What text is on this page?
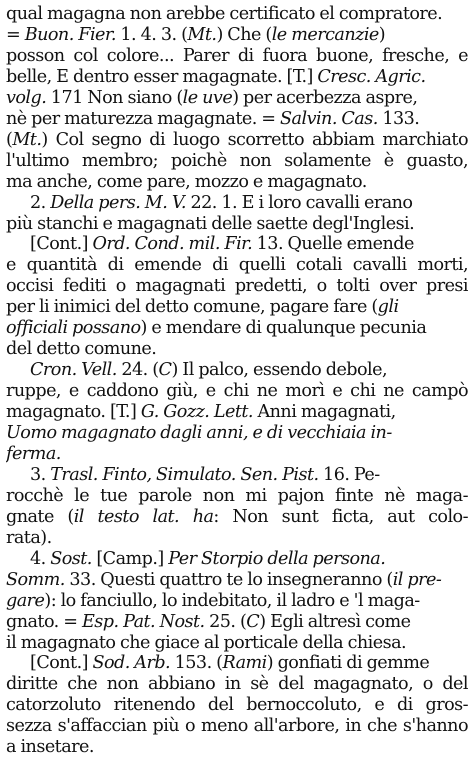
qual magagna non arebbe certificato el compratore.
= Buon. Fier. 1. 4. 3. (Mt.) Che (le mercanzie)
posson col colore... Parer di fuora buone, fresche, e
belle, E dentro esser magagnate. [T.] Cresc. Agric.
volg. 171 Non siano (le uve) per acerbezza aspre,
nè per maturezza magagnate. = Salvin. Cas. 133.
(Mt.) Col segno di luogo scorretto abbiam marchiato
l'ultimo membro; poichè non solamente è guasto,
ma anche, come pare, mozzo e magagnato.
2. Della pers. M. V. 22. 1. E i loro cavalli erano
più stanchi e magagnati delle saette degl'Inglesi.
[Cont.] Ord. Cond. mil. Fir. 13. Quelle emende
e quantità di emende di quelli cotali cavalli morti,
occisi fediti o magagnati predetti, o tolti over presi
per li inimici del detto comune, pagare fare (gli
officiali possano) e mendare di qualunque pecunia
del detto comune.
Cron. Vell. 24. (C) Il palco, essendo debole,
ruppe, e caddono giù, e chi ne morì e chi ne campò
magagnato. [T.] G. Gozz. Lett. Anni magagnati,
Uomo magagnato dagli anni, e di vecchiaia in-
ferma.
3. Trasl. Finto, Simulato. Sen. Pist. 16. Pe-
rocchè le tue parole non mi pajon finte nè maga-
gnate (il testo lat. ha: Non sunt ficta, aut colo-
rata).
4. Sost. [Camp.] Per Storpio della persona.
Somm. 33. Questi quattro te lo insegneranno (il pre-
gare): lo fanciullo, lo indebitato, il ladro e 'l maga-
gnato. = Esp. Pat. Nost. 25. (C) Egli altresì come
il magagnato che giace al porticale della chiesa.
[Cont.] Sod. Arb. 153. (Rami) gonfiati di gemme
diritte che non abbiano in sè del magagnato, o del
catorzoluto ritenendo del bernoccoluto, e di gros-
sezza s'affaccian più o meno all'arbore, in che s'hanno
a insetare.
